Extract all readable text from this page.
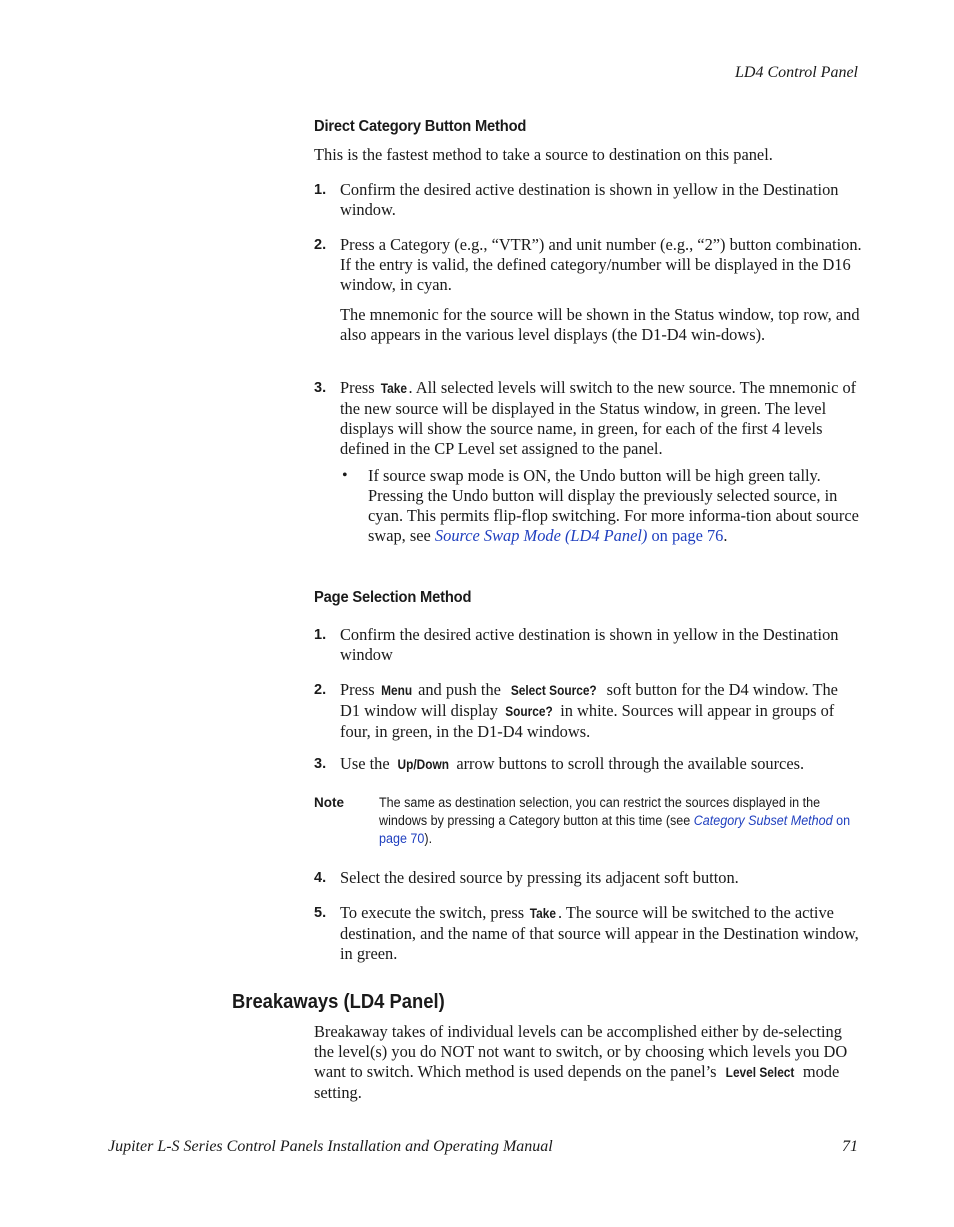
LD4 Control Panel
Direct Category Button Method

This is the fastest method to take a source to destination on this panel.

1. Confirm the desired active destination is shown in yellow in the Destination window.

2. Press a Category (e.g., “VTR”) and unit number (e.g., “2”) button combination. If the entry is valid, the defined category/number will be displayed in the D16 window, in cyan.

The mnemonic for the source will be shown in the Status window, top row, and also appears in the various level displays (the D1-D4 win-dows).

3. Press Take . All selected levels will switch to the new source. The mnemonic of the new source will be displayed in the Status window, in green. The level displays will show the source name, in green, for each of the first 4 levels defined in the CP Level set assigned to the panel.

• If source swap mode is ON, the Undo button will be high green tally. Pressing the Undo button will display the previously selected source, in cyan. This permits flip-flop switching. For more informa-tion about source swap, see Source Swap Mode (LD4 Panel) on page 76.

Page Selection Method
1. Confirm the desired active destination is shown in yellow in the Destination window

2. Press Menu and push the Select Source? soft button for the D4 window. The D1 window will display Source? in white. Sources will appear in groups of four, in green, in the D1-D4 windows.

3. Use the Up/Down arrow buttons to scroll through the available sources.

Note	The same as destination selection, you can restrict the sources displayed in the windows by pressing a Category button at this time (see Category Subset Method on page 70).
4. Select the desired source by pressing its adjacent soft button.

5. To execute the switch, press Take . The source will be switched to the active destination, and the name of that source will appear in the Destination window, in green.

Breakaways (LD4 Panel)

Breakaway takes of individual levels can be accomplished either by de-selecting the level(s) you do NOT not want to switch, or by choosing which levels you DO want to switch. Which method is used depends on the panel’s Level Select mode setting.

Jupiter L-S Series Control Panels Installation and Operating Manual	71
